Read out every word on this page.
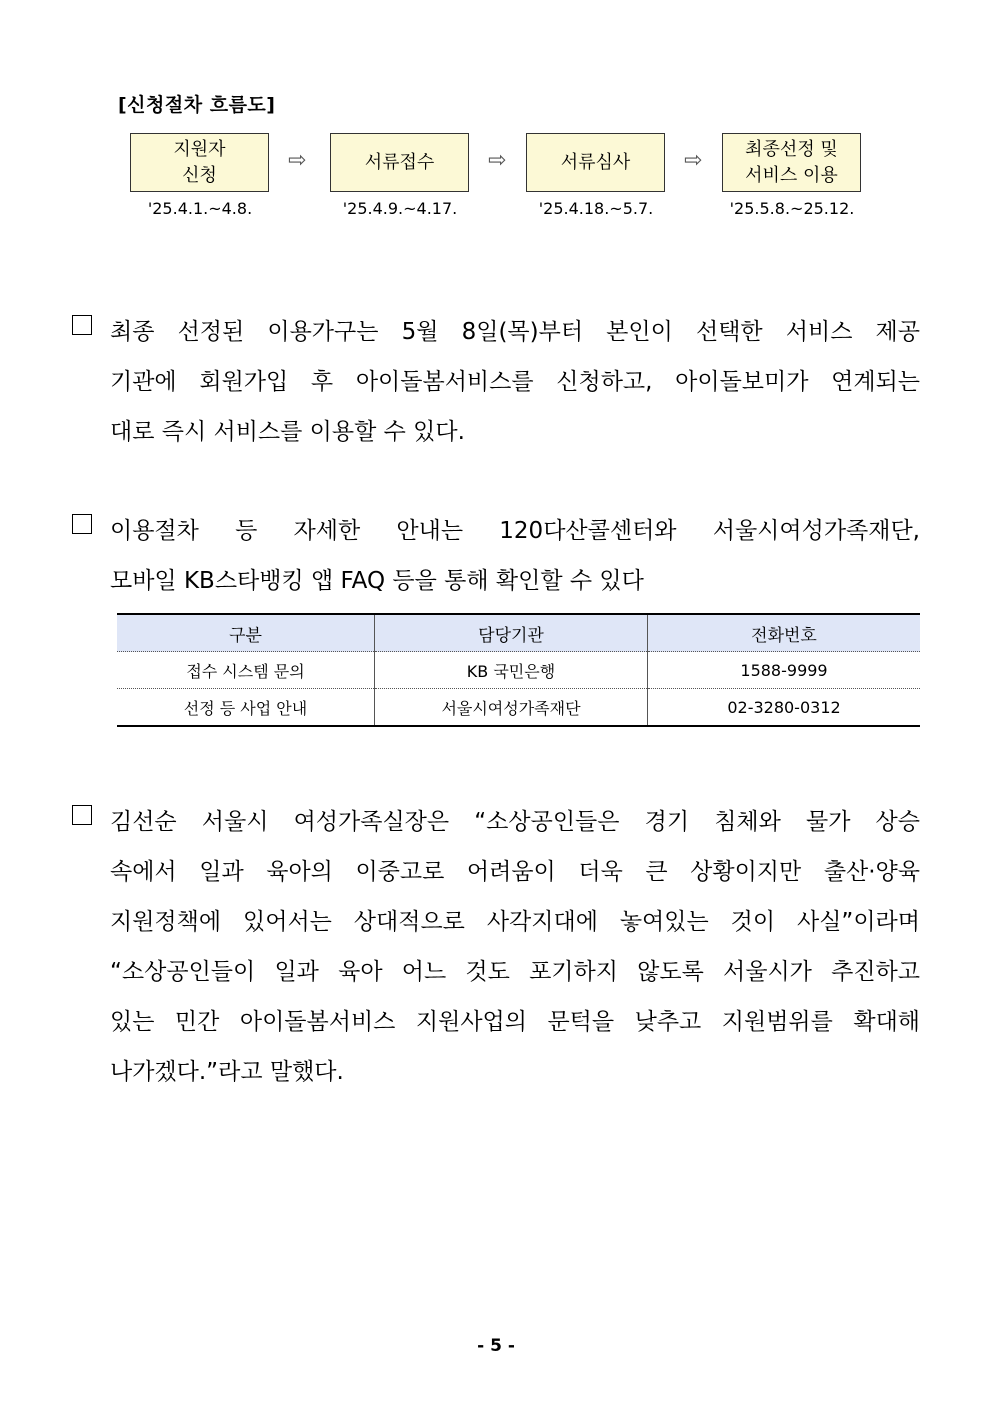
[신청절차 흐름도]
지원자
신청
⇨	서류접수	⇨	서류심사	⇨	최종선정 및
서비스 이용
'25.4.1.~4.8.	'25.4.9.~4.17.	'25.4.18.~5.7.	'25.5.8.~25.12.
최종 선정된 이용가구는 5월 8일(목)부터 본인이 선택한 서비스 제공
기관에 회원가입 후 아이돌봄서비스를 신청하고, 아이돌보미가 연계되는
대로 즉시 서비스를 이용할 수 있다.
이용절차 등 자세한 안내는 120다산콜센터와 서울시여성가족재단,
모바일 KB스타뱅킹 앱 FAQ 등을 통해 확인할 수 있다
구분	담당기관	전화번호
접수 시스템 문의	KB 국민은행	1588-9999
선정 등 사업 안내	서울시여성가족재단	02-3280-0312
김선순 서울시 여성가족실장은 “소상공인들은 경기 침체와 물가 상승
속에서 일과 육아의 이중고로 어려움이 더욱 큰 상황이지만 출산·양육
지원정책에 있어서는 상대적으로 사각지대에 놓여있는 것이 사실”이라며
“소상공인들이 일과 육아 어느 것도 포기하지 않도록 서울시가 추진하고
있는 민간 아이돌봄서비스 지원사업의 문턱을 낮추고 지원범위를 확대해
나가겠다.”라고 말했다.
- 5 -
